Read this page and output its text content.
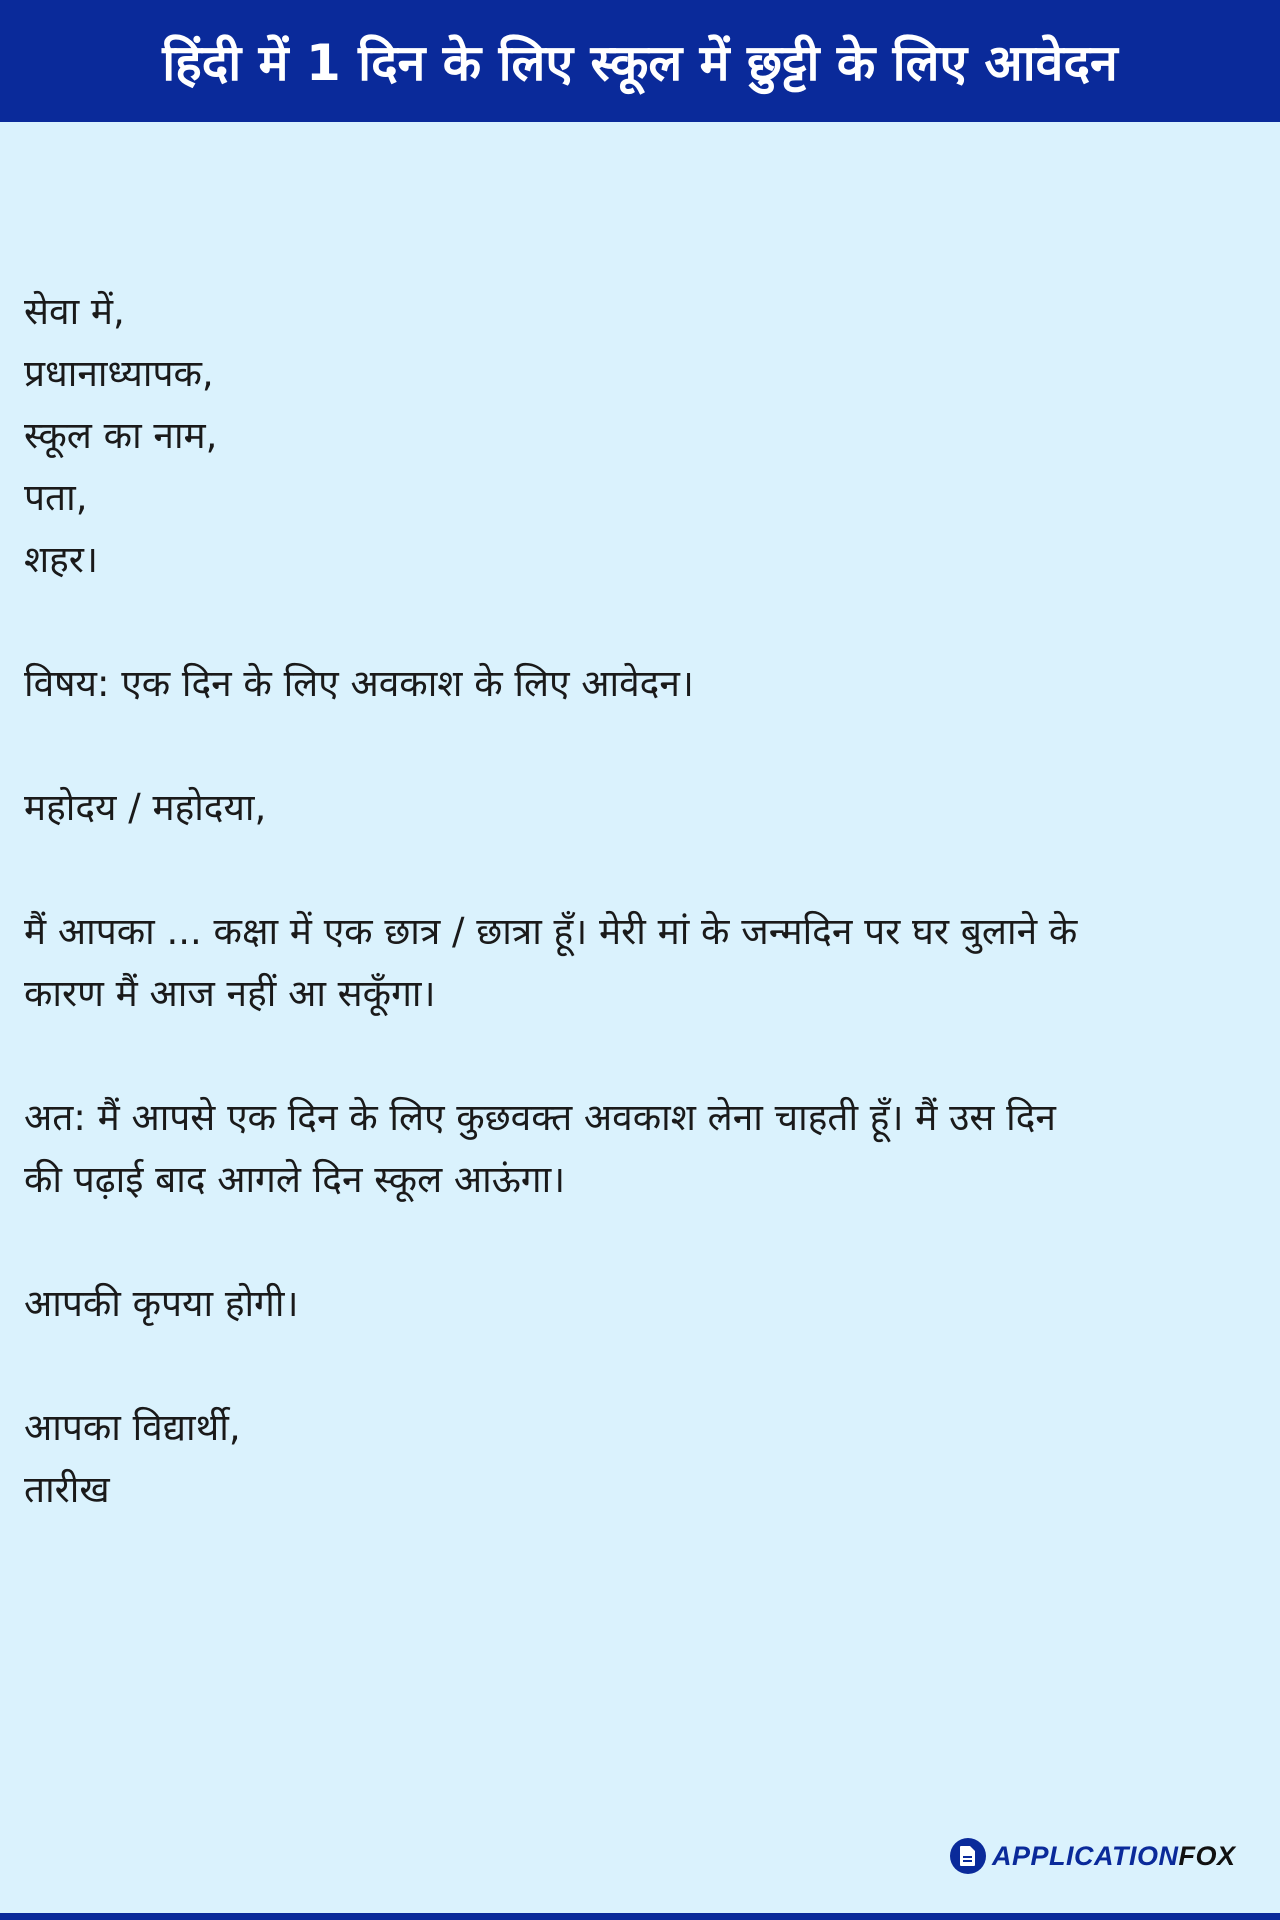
हिंदी में 1 दिन के लिए स्कूल में छुट्टी के लिए आवेदन
सेवा में,
प्रधानाध्यापक,
स्कूल का नाम,
पता,
शहर।
विषय: एक दिन के लिए अवकाश के लिए आवेदन।
महोदय / महोदया,
मैं आपका ... कक्षा में एक छात्र / छात्रा हूँ। मेरी मां के जन्मदिन पर घर बुलाने के
कारण मैं आज नहीं आ सकूँगा।
अत: मैं आपसे एक दिन के लिए कुछवक्त अवकाश लेना चाहती हूँ। मैं उस दिन
की पढ़ाई बाद आगले दिन स्कूल आऊंगा।
आपकी कृपया होगी।
आपका विद्यार्थी,
तारीख
APPLICATIONFOX
